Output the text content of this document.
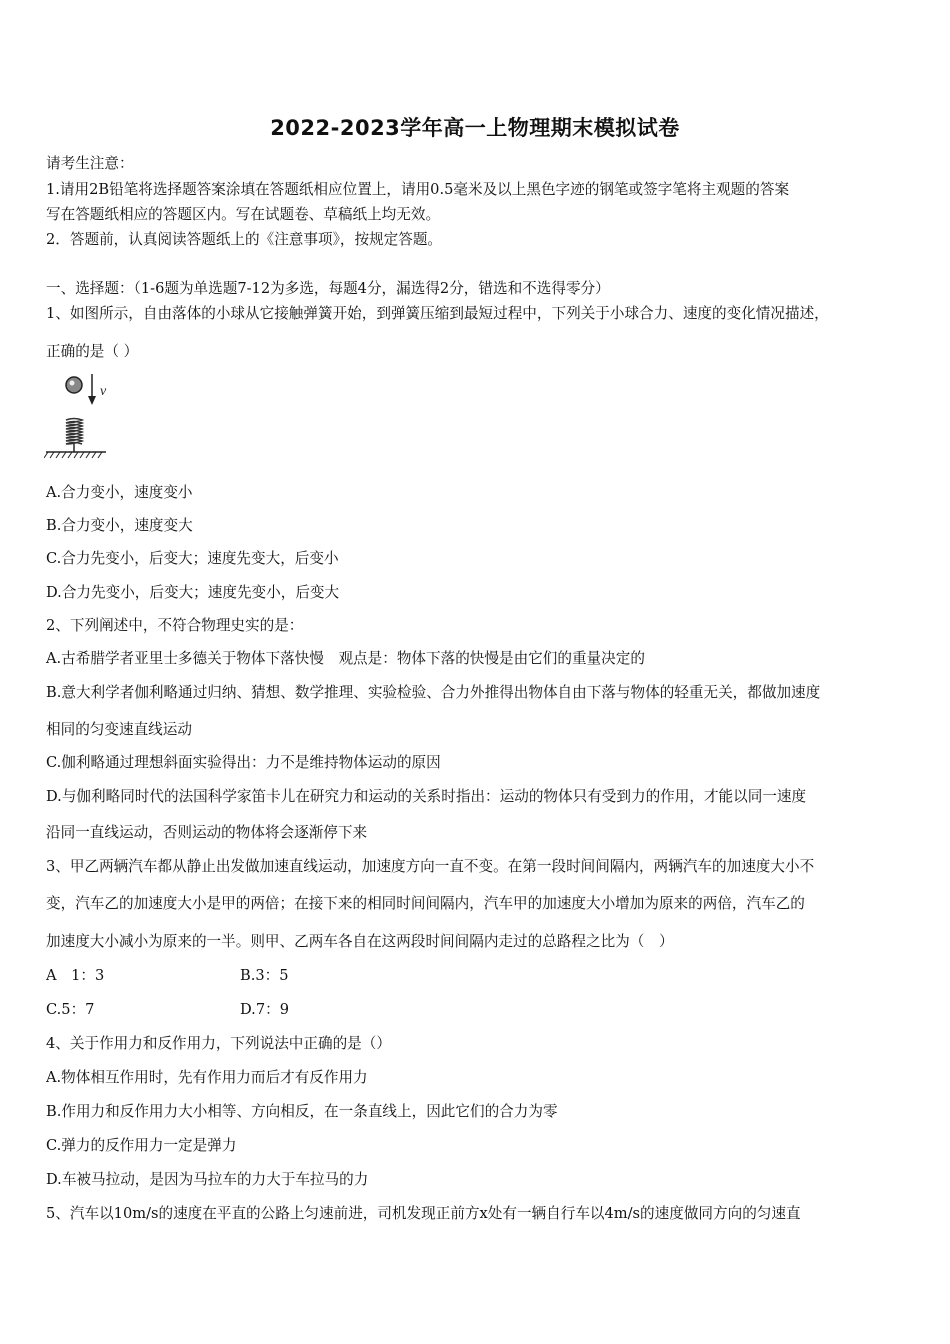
2022-2023学年高一上物理期末模拟试卷
请考生注意：
1.请用2B铅笔将选择题答案涂填在答题纸相应位置上，请用0.5毫米及以上黑色字迹的钢笔或签字笔将主观题的答案
写在答题纸相应的答题区内。写在试题卷、草稿纸上均无效。
2．答题前，认真阅读答题纸上的《注意事项》，按规定答题。
一、选择题：（1-6题为单选题7-12为多选，每题4分，漏选得2分，错选和不选得零分）
1、如图所示，自由落体的小球从它接触弹簧开始，到弹簧压缩到最短过程中，下列关于小球合力、速度的变化情况描述，
正确的是（ ）
v
A.合力变小，速度变小
B.合力变小，速度变大
C.合力先变小，后变大；速度先变大，后变小
D.合力先变小，后变大；速度先变小，后变大
2、下列阐述中，不符合物理史实的是：
A.古希腊学者亚里士多德关于物体下落快慢　观点是：物体下落的快慢是由它们的重量决定的
B.意大利学者伽利略通过归纳、猜想、数学推理、实验检验、合力外推得出物体自由下落与物体的轻重无关，都做加速度
相同的匀变速直线运动
C.伽利略通过理想斜面实验得出：力不是维持物体运动的原因
D.与伽利略同时代的法国科学家笛卡儿在研究力和运动的关系时指出：运动的物体只有受到力的作用，才能以同一速度
沿同一直线运动，否则运动的物体将会逐渐停下来
3、甲乙两辆汽车都从静止出发做加速直线运动，加速度方向一直不变。在第一段时间间隔内，两辆汽车的加速度大小不
变，汽车乙的加速度大小是甲的两倍；在接下来的相同时间间隔内，汽车甲的加速度大小增加为原来的两倍，汽车乙的
加速度大小减小为原来的一半。则甲、乙两车各自在这两段时间间隔内走过的总路程之比为（　）
A　1：3	B.3：5
C.5：7	D.7：9
4、关于作用力和反作用力，下列说法中正确的是（）
A.物体相互作用时，先有作用力而后才有反作用力
B.作用力和反作用力大小相等、方向相反，在一条直线上，因此它们的合力为零
C.弹力的反作用力一定是弹力
D.车被马拉动，是因为马拉车的力大于车拉马的力
5、汽车以10m/s的速度在平直的公路上匀速前进，司机发现正前方x处有一辆自行车以4m/s的速度做同方向的匀速直
